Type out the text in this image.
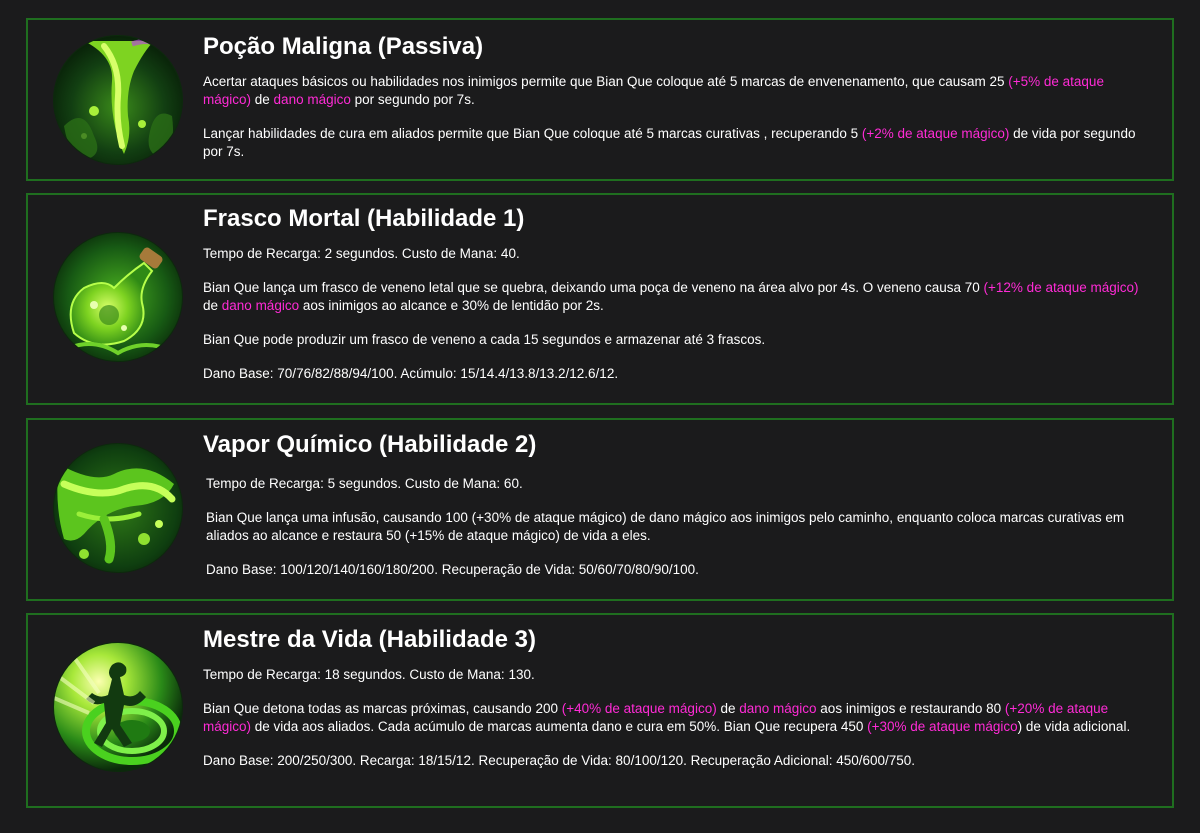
Poção Maligna (Passiva)

Acertar ataques básicos ou habilidades nos inimigos permite que Bian Que coloque até 5 marcas de envenenamento, que causam 25 (+5% de ataque mágico) de dano mágico por segundo por 7s.

Lançar habilidades de cura em aliados permite que Bian Que coloque até 5 marcas curativas , recuperando 5 (+2% de ataque mágico) de vida por segundo por 7s.

Frasco Mortal (Habilidade 1)

Tempo de Recarga: 2 segundos. Custo de Mana: 40.

Bian Que lança um frasco de veneno letal que se quebra, deixando uma poça de veneno na área alvo por 4s. O veneno causa 70 (+12% de ataque mágico) de dano mágico aos inimigos ao alcance e 30% de lentidão por 2s.

Bian Que pode produzir um frasco de veneno a cada 15 segundos e armazenar até 3 frascos.

Dano Base: 70/76/82/88/94/100. Acúmulo: 15/14.4/13.8/13.2/12.6/12.

Vapor Químico (Habilidade 2)

Tempo de Recarga: 5 segundos. Custo de Mana: 60.

Bian Que lança uma infusão, causando 100 (+30% de ataque mágico) de dano mágico aos inimigos pelo caminho, enquanto coloca marcas curativas em aliados ao alcance e restaura 50 (+15% de ataque mágico) de vida a eles.

Dano Base: 100/120/140/160/180/200. Recuperação de Vida: 50/60/70/80/90/100.

Mestre da Vida (Habilidade 3)

Tempo de Recarga: 18 segundos. Custo de Mana: 130.

Bian Que detona todas as marcas próximas, causando 200 (+40% de ataque mágico) de dano mágico aos inimigos e restaurando 80 (+20% de ataque mágico) de vida aos aliados. Cada acúmulo de marcas aumenta dano e cura em 50%. Bian Que recupera 450 (+30% de ataque mágico) de vida adicional.

Dano Base: 200/250/300. Recarga: 18/15/12. Recuperação de Vida: 80/100/120. Recuperação Adicional: 450/600/750.
